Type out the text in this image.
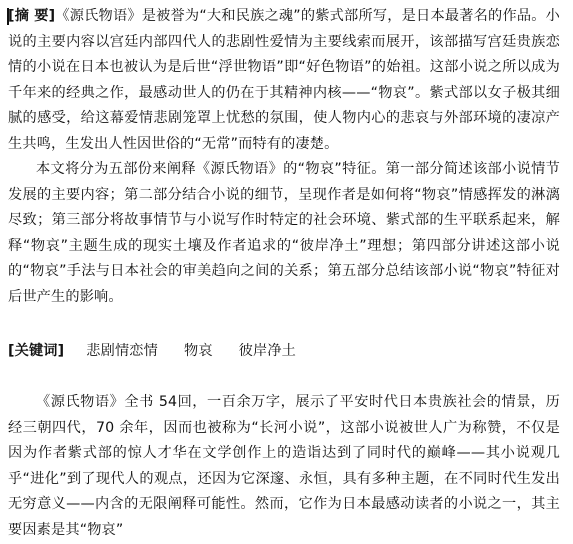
[摘 要]《源氏物语》是被誉为“大和民族之魂”的紫式部所写，是日本最著名的作品。小说的主要内容以宫廷内部四代人的悲剧性爱情为主要线索而展开，该部描写宫廷贵族恋情的小说在日本也被认为是后世“浮世物语”即“好色物语”的始祖。这部小说之所以成为千年来的经典之作，最感动世人的仍在于其精神内核——“物哀”。紫式部以女子极其细腻的感受，给这幕爱情悲剧笼罩上忧愁的氛围，使人物内心的悲哀与外部环境的凄凉产生共鸣，生发出人性因世俗的“无常”而特有的凄楚。

本文将分为五部份来阐释《源氏物语》的“物哀”特征。第一部分简述该部小说情节发展的主要内容；第二部分结合小说的细节，呈现作者是如何将“物哀”情感挥发的淋漓尽致；第三部分将故事情节与小说写作时特定的社会环境、紫式部的生平联系起来，解释“物哀”主题生成的现实土壤及作者追求的“彼岸净土”理想；第四部分讲述这部小说的“物哀”手法与日本社会的审美趋向之间的关系；第五部分总结该部小说“物哀”特征对后世产生的影响。

[关键词] 悲剧情恋情 物哀 彼岸净土

《源氏物语》全书 54回，一百余万字，展示了平安时代日本贵族社会的情景，历经三朝四代，70 余年，因而也被称为“长河小说”，这部小说被世人广为称赞，不仅是因为作者紫式部的惊人才华在文学创作上的造诣达到了同时代的巅峰——其小说观几乎“进化”到了现代人的观点，还因为它深邃、永恒，具有多种主题，在不同时代生发出无穷意义——内含的无限阐释可能性。然而，它作为日本最感动读者的小说之一，其主要因素是其“物哀”
